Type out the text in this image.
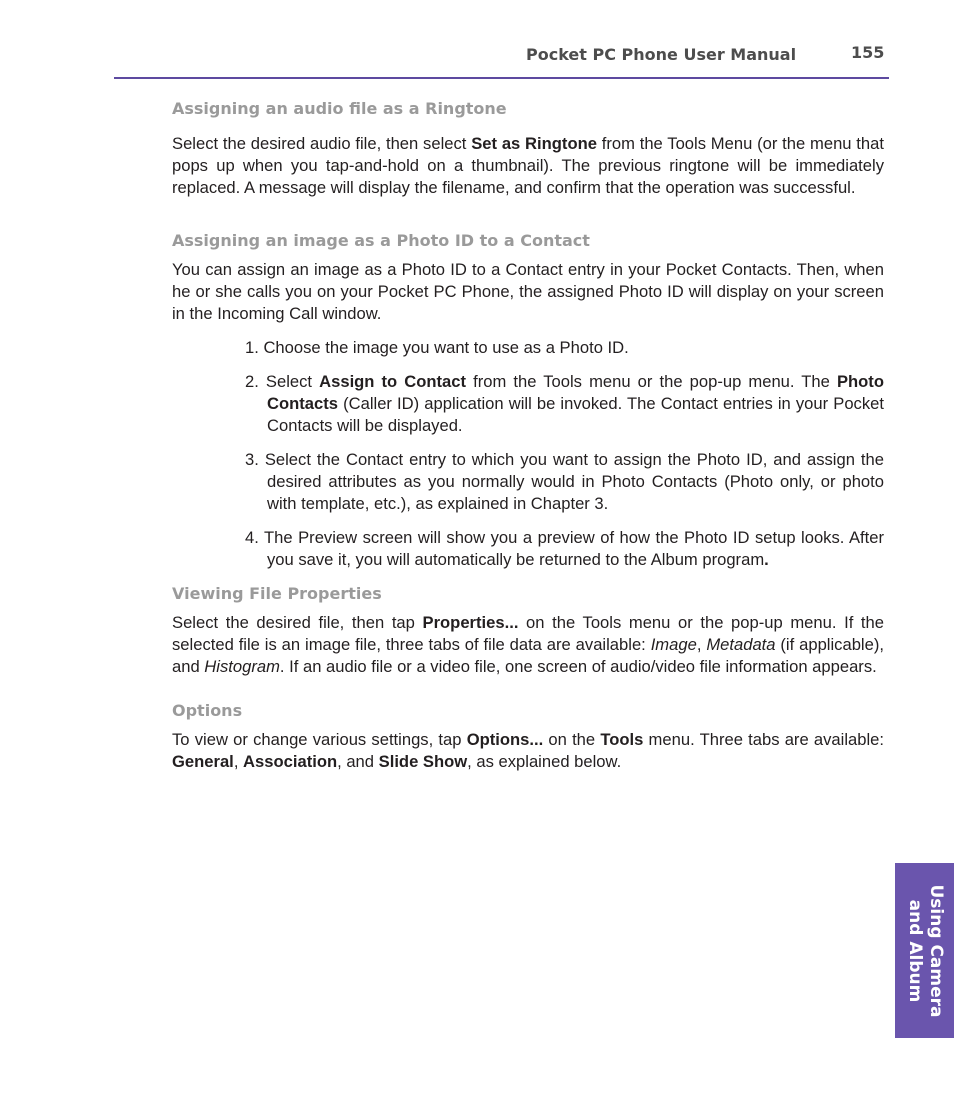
Pocket PC Phone User Manual	155
Assigning an audio file as a Ringtone

Select the desired audio file, then select Set as Ringtone from the Tools Menu (or the menu that pops up when you tap-and-hold on a thumbnail). The previous ringtone will be immediately replaced. A message will display the filename, and confirm that the operation was successful.

Assigning an image as a Photo ID to a Contact

You can assign an image as a Photo ID to a Contact entry in your Pocket Contacts. Then, when he or she calls you on your Pocket PC Phone, the assigned Photo ID will display on your screen in the Incoming Call window.

1. Choose the image you want to use as a Photo ID.
2. Select Assign to Contact from the Tools menu or the pop-up menu. The Photo Contacts (Caller ID) application will be invoked. The Contact entries in your Pocket Contacts will be displayed.
3. Select the Contact entry to which you want to assign the Photo ID, and assign the desired attributes as you normally would in Photo Contacts (Photo only, or photo with template, etc.), as explained in Chapter 3.
4. The Preview screen will show you a preview of how the Photo ID setup looks. After you save it, you will automatically be returned to the Album program.
Viewing File Properties

Select the desired file, then tap Properties... on the Tools menu or the pop-up menu. If the selected file is an image file, three tabs of file data are available: Image, Metadata (if applicable), and Histogram. If an audio file or a video file, one screen of audio/video file information appears.

Options

To view or change various settings, tap Options... on the Tools menu. Three tabs are available: General, Association, and Slide Show, as explained below.

Using Camera
and Album
